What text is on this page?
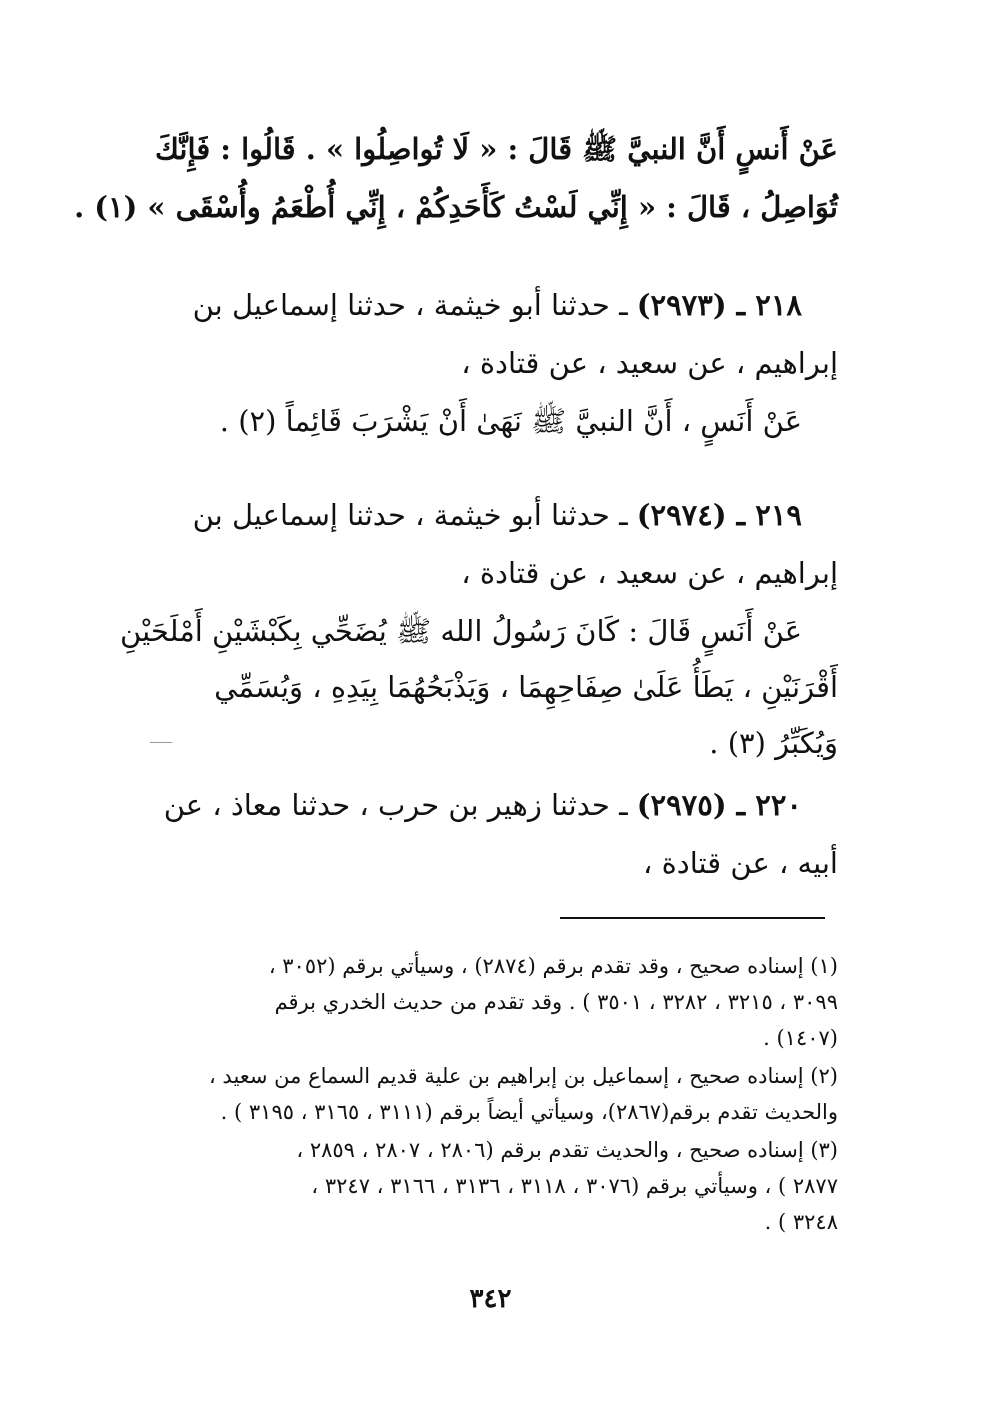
عَنْ أَنسٍ أَنَّ النبيَّ ﷺ قَالَ : « لَا تُواصِلُوا » . قَالُوا : فَإِنَّكَ
تُوَاصِلُ ، قَالَ : « إِنِّي لَسْتُ كَأَحَدِكُمْ ، إِنِّي أُطْعَمُ وأُسْقَى » (١) .
٢١٨ ـ (٢٩٧٣) ـ حدثنا أبو خيثمة ، حدثنا إسماعيل بن
إبراهيم ، عن سعيد ، عن قتادة ،
عَنْ أَنَسٍ ، أَنَّ النبيَّ ﷺ نَهَىٰ أَنْ يَشْرَبَ قَائِماً (٢) .
٢١٩ ـ (٢٩٧٤) ـ حدثنا أبو خيثمة ، حدثنا إسماعيل بن
إبراهيم ، عن سعيد ، عن قتادة ،
عَنْ أَنَسٍ قَالَ : كَانَ رَسُولُ الله ﷺ يُضَحِّي بِكَبْشَيْنِ أَمْلَحَيْنِ
أَقْرَنَيْنِ ، يَطَأُ عَلَىٰ صِفَاحِهِمَا ، وَيَذْبَحُهُمَا بِيَدِهِ ، وَيُسَمِّي
وَيُكَبِّرُ (٣) .
٢٢٠ ـ (٢٩٧٥) ـ حدثنا زهير بن حرب ، حدثنا معاذ ، عن
أبيه ، عن قتادة ،
(١) إسناده صحيح ، وقد تقدم برقم (٢٨٧٤) ، وسيأتي برقم (٣٠٥٢ ،
٣٠٩٩ ، ٣٢١٥ ، ٣٢٨٢ ، ٣٥٠١ ) . وقد تقدم من حديث الخدري برقم
(١٤٠٧) .
(٢) إسناده صحيح ، إسماعيل بن إبراهيم بن علية قديم السماع من سعيد ،
والحديث تقدم برقم(٢٨٦٧)، وسيأتي أيضاً برقم (٣١١١ ، ٣١٦٥ ، ٣١٩٥ ) .
(٣) إسناده صحيح ، والحديث تقدم برقم (٢٨٠٦ ، ٢٨٠٧ ، ٢٨٥٩ ،
٢٨٧٧ ) ، وسيأتي برقم (٣٠٧٦ ، ٣١١٨ ، ٣١٣٦ ، ٣١٦٦ ، ٣٢٤٧ ،
٣٢٤٨ ) .
٣٤٢
